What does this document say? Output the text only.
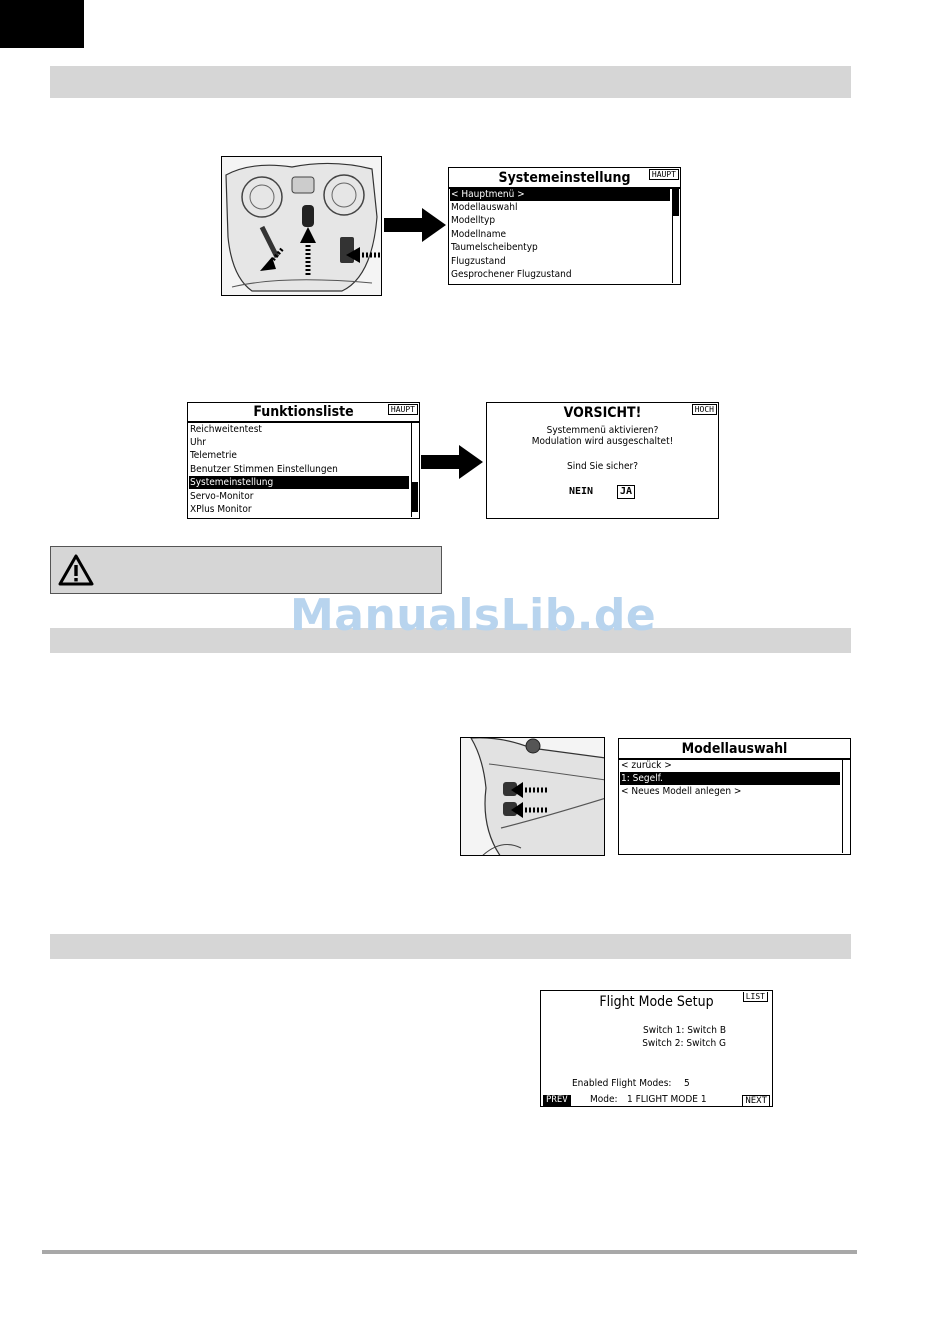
Systemeinstellung	HAUPT
< Hauptmenü >
Modellauswahl
Modelltyp
Modellname
Taumelscheibentyp
Flugzustand
Gesprochener Flugzustand
Funktionsliste	HAUPT
Reichweitentest
Uhr
Telemetrie
Benutzer Stimmen Einstellungen
Systemeinstellung
Servo-Monitor
XPlus Monitor
VORSICHT!	HOCH
Systemmenü aktivieren?
Modulation wird ausgeschaltet!
Sind Sie sicher?
NEIN	JA
ManualsLib.de
Modellauswahl
< zurück >
1: Segelf.
< Neues Modell anlegen >
Flight Mode Setup	LIST
Switch 1: Switch B
Switch 2: Switch G
Enabled Flight Modes: 5
PREV	Mode: 1 FLIGHT MODE 1	NEXT
